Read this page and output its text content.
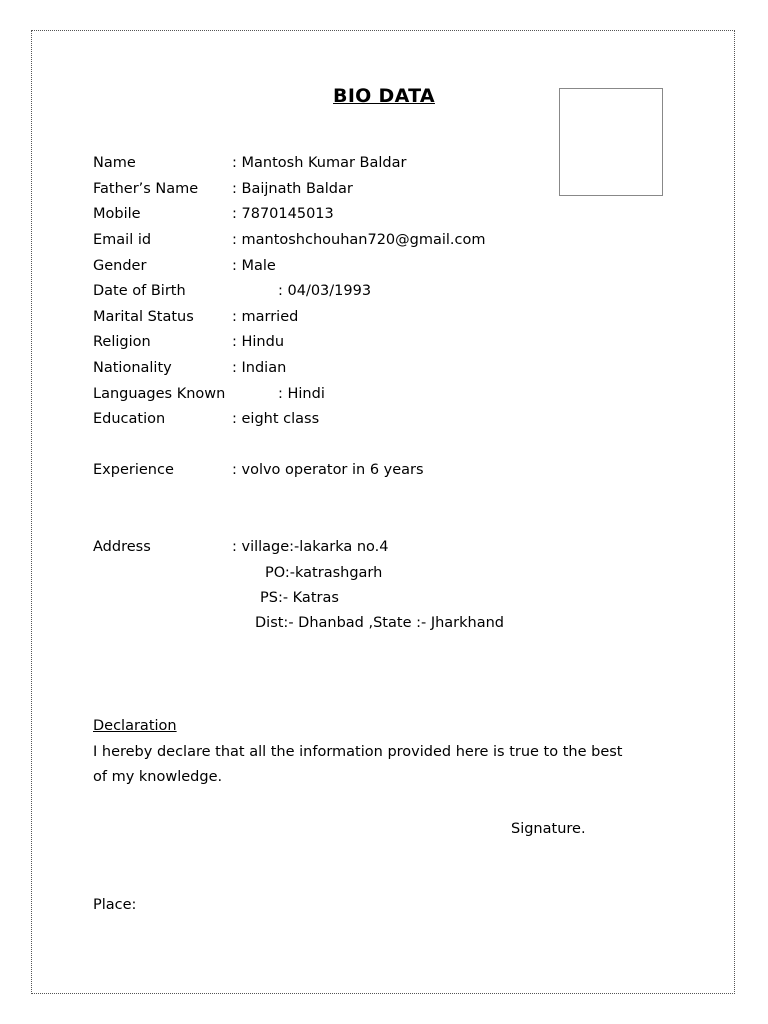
BIO DATA
Name	: Mantosh Kumar Baldar
Father’s Name : Baijnath Baldar
Mobile	: 7870145013
Email id	: mantoshchouhan720@gmail.com
Gender	: Male
Date of Birth	: 04/03/1993
Marital Status	: married
Religion	: Hindu
Nationality	: Indian
Languages Known	: Hindi
Education	: eight class
Experience	: volvo operator in 6 years
Address	: village:-lakarka no.4
PO:-katrashgarh
PS:- Katras
Dist:- Dhanbad ,State :- Jharkhand
Declaration
I hereby declare that all the information provided here is true to the best
of my knowledge.
Signature.
Place:
